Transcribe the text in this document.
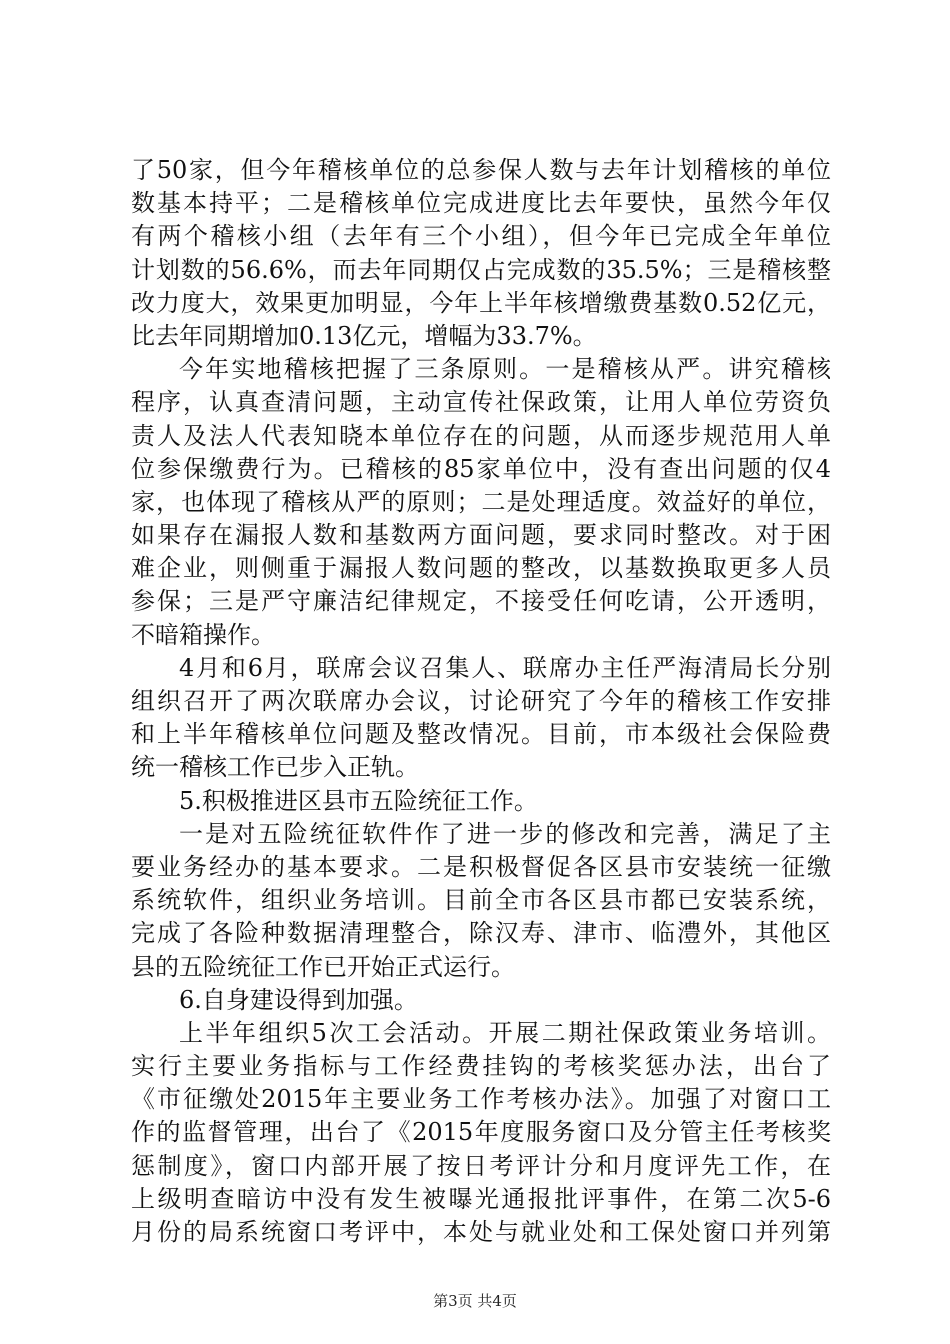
了50家，但今年稽核单位的总参保人数与去年计划稽核的单位
数基本持平；二是稽核单位完成进度比去年要快，虽然今年仅
有两个稽核小组（去年有三个小组），但今年已完成全年单位
计划数的56.6%，而去年同期仅占完成数的35.5%；三是稽核整
改力度大，效果更加明显，今年上半年核增缴费基数0.52亿元，
比去年同期增加0.13亿元，增幅为33.7%。
今年实地稽核把握了三条原则。一是稽核从严。讲究稽核
程序，认真查清问题，主动宣传社保政策，让用人单位劳资负
责人及法人代表知晓本单位存在的问题，从而逐步规范用人单
位参保缴费行为。已稽核的85家单位中，没有查出问题的仅4
家，也体现了稽核从严的原则；二是处理适度。效益好的单位，
如果存在漏报人数和基数两方面问题，要求同时整改。对于困
难企业，则侧重于漏报人数问题的整改，以基数换取更多人员
参保；三是严守廉洁纪律规定，不接受任何吃请，公开透明，
不暗箱操作。
4月和6月，联席会议召集人、联席办主任严海清局长分别
组织召开了两次联席办会议，讨论研究了今年的稽核工作安排
和上半年稽核单位问题及整改情况。目前，市本级社会保险费
统一稽核工作已步入正轨。
5.积极推进区县市五险统征工作。
一是对五险统征软件作了进一步的修改和完善，满足了主
要业务经办的基本要求。二是积极督促各区县市安装统一征缴
系统软件，组织业务培训。目前全市各区县市都已安装系统，
完成了各险种数据清理整合，除汉寿、津市、临澧外，其他区
县的五险统征工作已开始正式运行。
6.自身建设得到加强。
上半年组织5次工会活动。开展二期社保政策业务培训。
实行主要业务指标与工作经费挂钩的考核奖惩办法，出台了
《市征缴处2015年主要业务工作考核办法》。加强了对窗口工
作的监督管理，出台了《2015年度服务窗口及分管主任考核奖
惩制度》，窗口内部开展了按日考评计分和月度评先工作，在
上级明查暗访中没有发生被曝光通报批评事件，在第二次5-6
月份的局系统窗口考评中，本处与就业处和工保处窗口并列第
第3页 共4页
